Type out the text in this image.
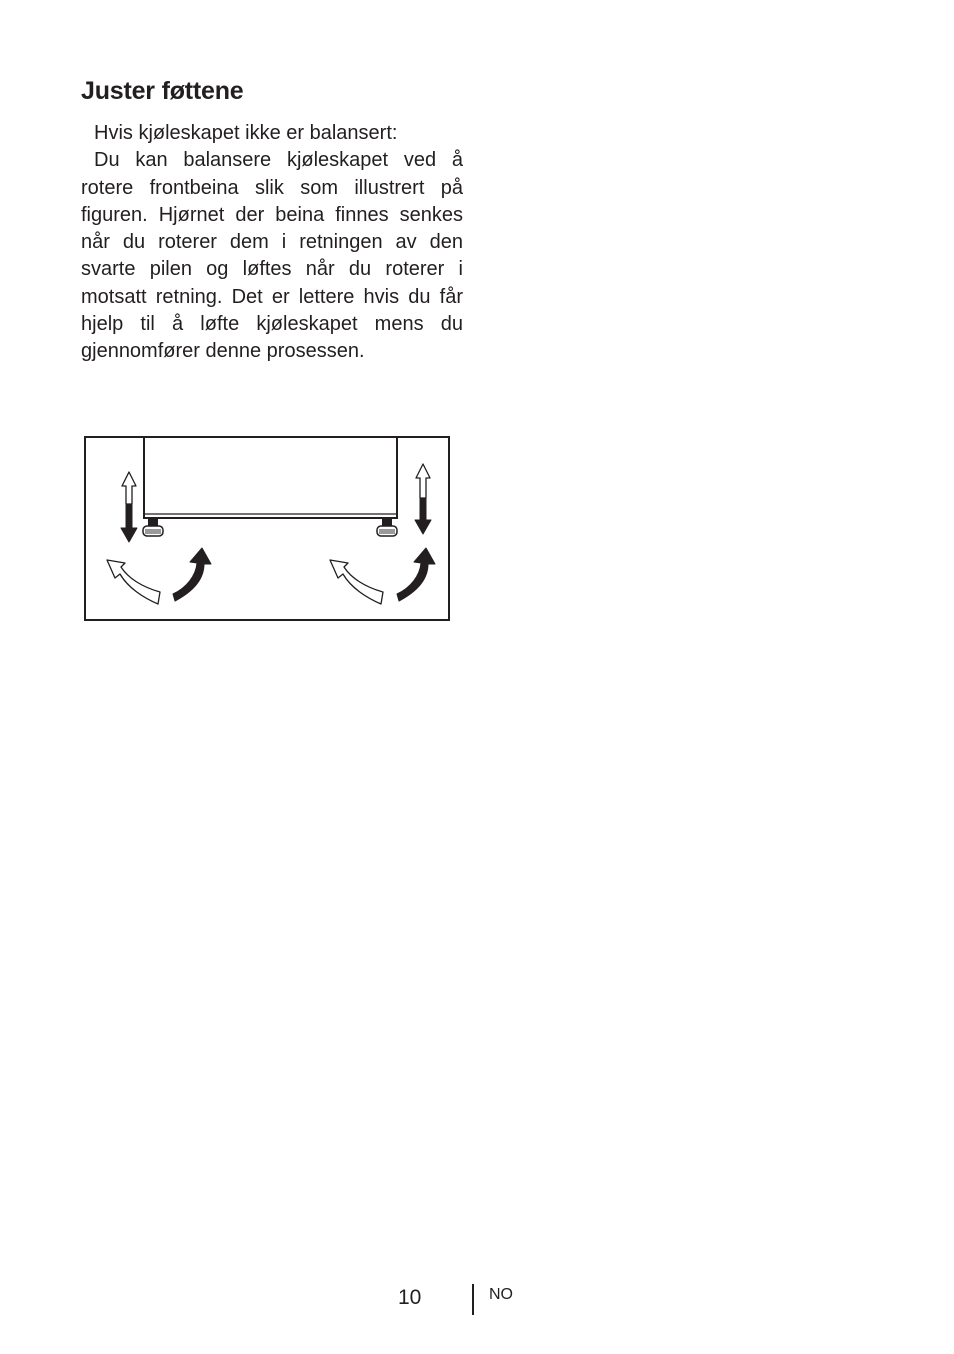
Juster føttene

Hvis kjøleskapet ikke er balansert:

Du kan balansere kjøleskapet ved å rotere frontbeina slik som illustrert på figuren. Hjørnet der beina finnes senkes når du roterer dem i retningen av den svarte pilen og løftes når du roterer i motsatt retning. Det er lettere hvis du får hjelp til å løfte kjøleskapet mens du gjennomfører denne prosessen.

10	NO
